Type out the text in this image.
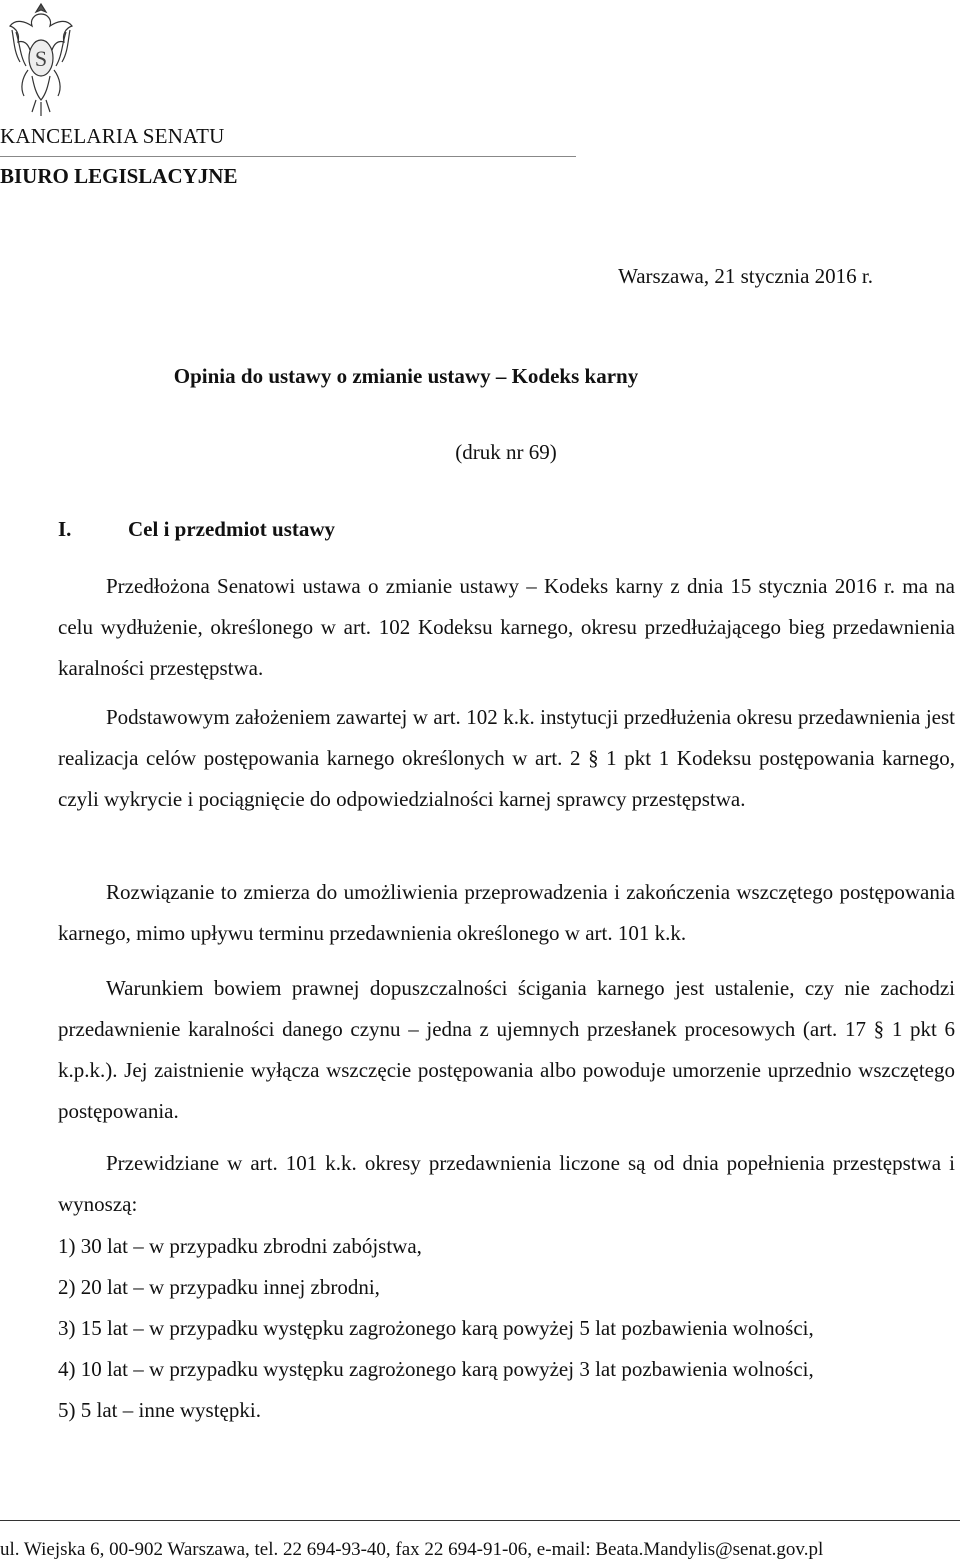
S
KANCELARIA SENATU
BIURO LEGISLACYJNE
Warszawa, 21 stycznia 2016 r.
Opinia do ustawy o zmianie ustawy – Kodeks karny
(druk nr 69)
I.	Cel i przedmiot ustawy
Przedłożona Senatowi ustawa o zmianie ustawy – Kodeks karny z dnia 15 stycznia 2016 r. ma na celu wydłużenie, określonego w art. 102 Kodeksu karnego, okresu przedłużającego bieg przedawnienia karalności przestępstwa.
Podstawowym założeniem zawartej w art. 102 k.k. instytucji przedłużenia okresu przedawnienia jest realizacja celów postępowania karnego określonych w art. 2 § 1 pkt 1 Kodeksu postępowania karnego, czyli wykrycie i pociągnięcie do odpowiedzialności karnej sprawcy przestępstwa.
Rozwiązanie to zmierza do umożliwienia przeprowadzenia i zakończenia wszczętego postępowania karnego, mimo upływu terminu przedawnienia określonego w art. 101 k.k.
Warunkiem bowiem prawnej dopuszczalności ścigania karnego jest ustalenie, czy nie zachodzi przedawnienie karalności danego czynu – jedna z ujemnych przesłanek procesowych (art. 17 § 1 pkt 6 k.p.k.). Jej zaistnienie wyłącza wszczęcie postępowania albo powoduje umorzenie uprzednio wszczętego postępowania.
Przewidziane w art. 101 k.k. okresy przedawnienia liczone są od dnia popełnienia przestępstwa i wynoszą:
1) 30 lat – w przypadku zbrodni zabójstwa,
2) 20 lat – w przypadku innej zbrodni,
3) 15 lat – w przypadku występku zagrożonego karą powyżej 5 lat pozbawienia wolności,
4) 10 lat – w przypadku występku zagrożonego karą powyżej 3 lat pozbawienia wolności,
5) 5 lat – inne występki.
ul. Wiejska 6, 00-902 Warszawa, tel. 22 694-93-40, fax 22 694-91-06, e-mail: Beata.Mandylis@senat.gov.pl
